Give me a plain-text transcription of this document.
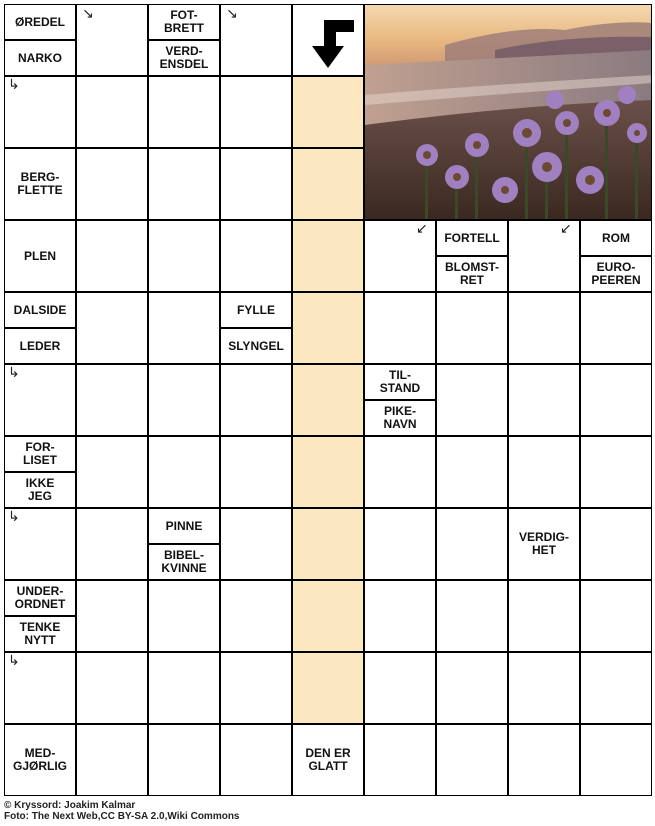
ØREDEL
NARKO
↘	FOT-
BRETT
VERD-
ENSDEL
↘
↳
BERG-
FLETTE
PLEN
↙
FORTELL
BLOMST-
RET
↙
ROM
EURO-
PEEREN
DALSIDE
LEDER
FYLLE
SLYNGEL
↳	TIL-
STAND
PIKE-
NAVN
FOR-
LISET
IKKE
JEG
↳
PINNE
BIBEL-
KVINNE
VERDIG-
HET
UNDER-
ORDNET
TENKE
NYTT
↳
MED-
GJØRLIG
DEN ER
GLATT
© Kryssord: Joakim Kalmar
Foto: The Next Web,CC BY-SA 2.0,Wiki Commons
